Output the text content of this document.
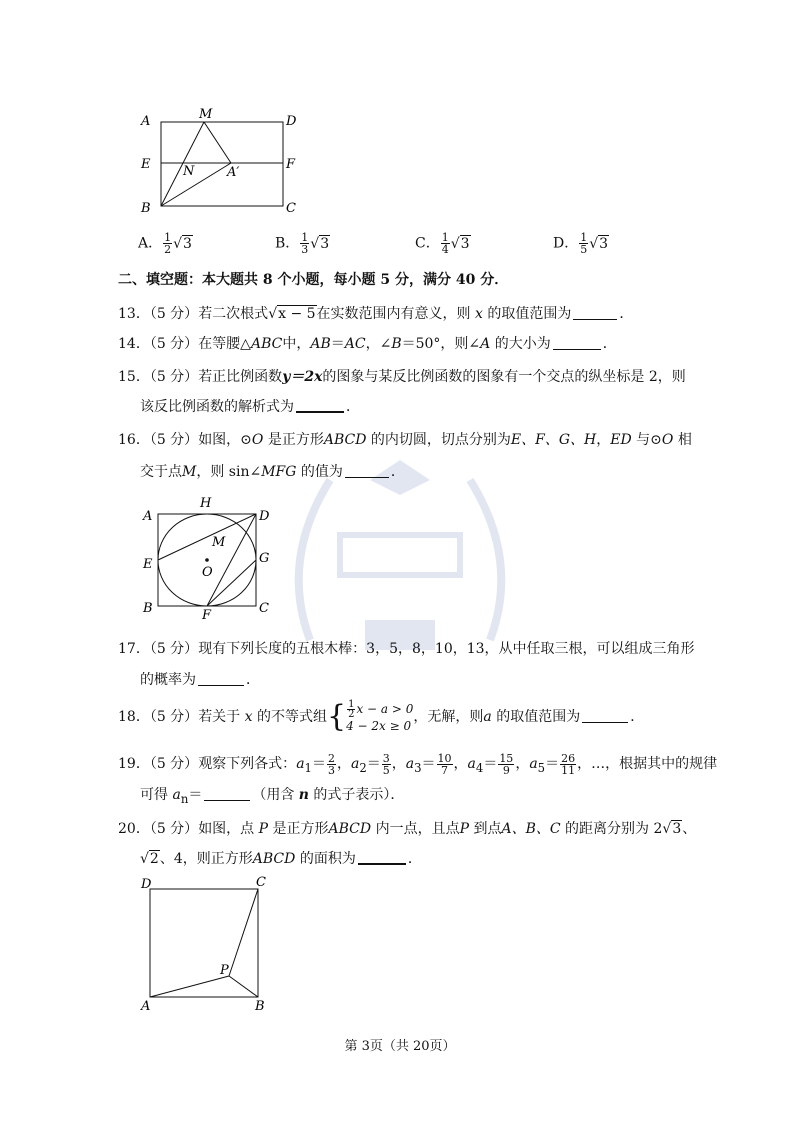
A	M	D
E	F
N	A′
B	C
A． $\frac{1}{2} √3$	B． $\frac{1}{3} √3$	C． $\frac{1}{4} √3$	D． $\frac{1}{5} √3$
二、填空题：本大题共 8 个小题，每小题 5 分，满分 40 分．
13．（5 分）若二次根式√x − 5在实数范围内有意义，则 x 的取值范围为	．
14．（5 分）在等腰△ABC中，AB＝AC，∠B＝50°，则∠A 的大小为	．
15．（5 分）若正比例函数y＝2x的图象与某反比例函数的图象有一个交点的纵坐标是 2，则
该反比例函数的解析式为	．
16．（5 分）如图，⊙O 是正方形ABCD 的内切圆，切点分别为E、F、G、H，ED 与⊙O 相
交于点M，则 sin∠MFG 的值为	．
A
H
D
M
E
O
G
B	F	C
17．（5 分）现有下列长度的五根木棒：3，5，8，10，13，从中任取三根，可以组成三角形
的概率为	．
18．（5 分）若关于 x 的不等式组{ $\frac{1}{2}$ x − a > 0
4 − 2x ≥ 0，无解，则a 的取值范围为	．
19．（5 分）观察下列各式：$a_1= \frac{2}{3}$ ，$a_2= \frac{3}{5}$ ，$a_3= \frac{10}{7}$ ，$a_4= \frac{15}{9}$ ，$a_5= \frac{26}{11}$ ，…，根据其中的规律
可得 $a_n=$	（用含 n 的式子表示）．
20．（5 分）如图，点 P 是正方形ABCD 内一点，且点P 到点A、B、C 的距离分别为 2√3、
√2、4，则正方形ABCD 的面积为	．
D	C
P
A	B
第 3页（共 20页）
